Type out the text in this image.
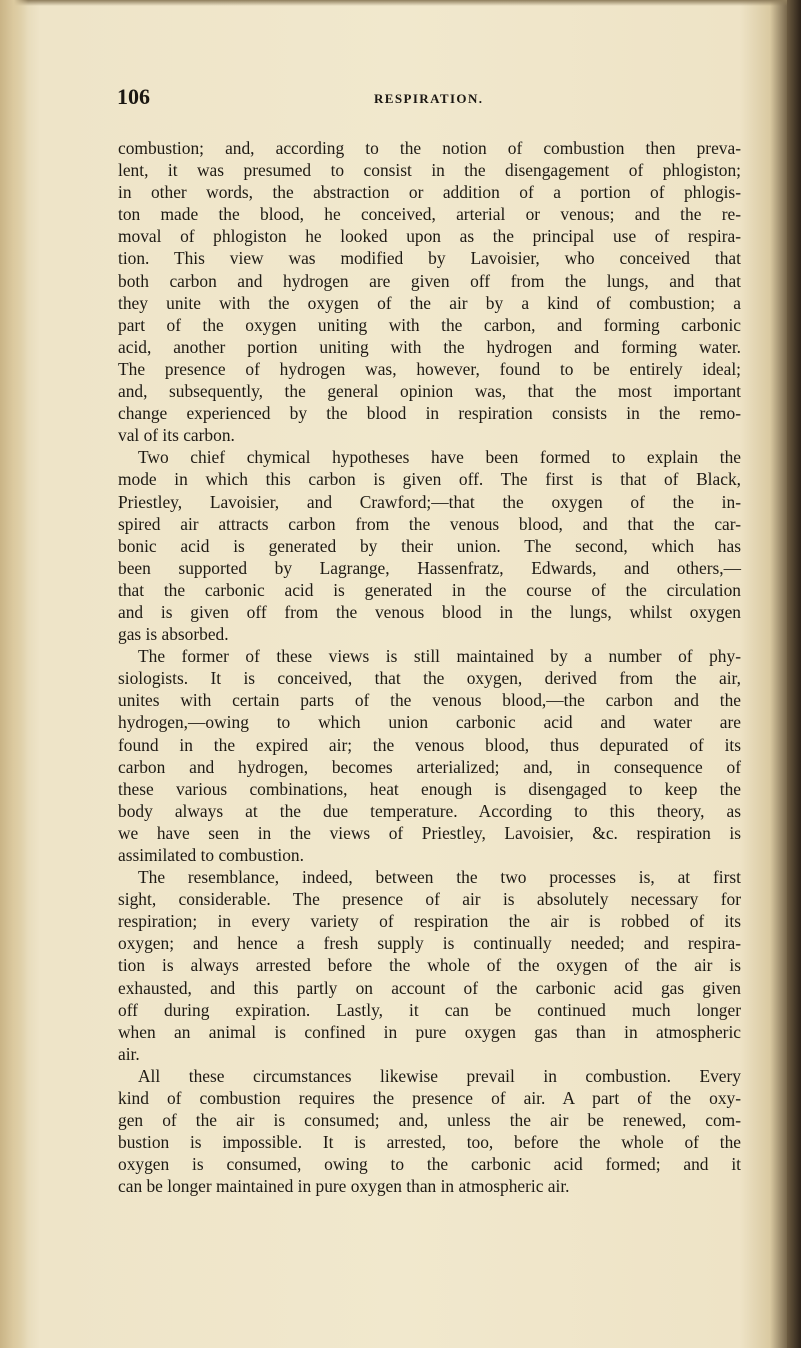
106	RESPIRATION.
combustion; and, according to the notion of combustion then preva-
lent, it was presumed to consist in the disengagement of phlogiston;
in other words, the abstraction or addition of a portion of phlogis-
ton made the blood, he conceived, arterial or venous; and the re-
moval of phlogiston he looked upon as the principal use of respira-
tion. This view was modified by Lavoisier, who conceived that
both carbon and hydrogen are given off from the lungs, and that
they unite with the oxygen of the air by a kind of combustion; a
part of the oxygen uniting with the carbon, and forming carbonic
acid, another portion uniting with the hydrogen and forming water.
The presence of hydrogen was, however, found to be entirely ideal;
and, subsequently, the general opinion was, that the most important
change experienced by the blood in respiration consists in the remo-
val of its carbon.
Two chief chymical hypotheses have been formed to explain the
mode in which this carbon is given off. The first is that of Black,
Priestley, Lavoisier, and Crawford;—that the oxygen of the in-
spired air attracts carbon from the venous blood, and that the car-
bonic acid is generated by their union. The second, which has
been supported by Lagrange, Hassenfratz, Edwards, and others,—
that the carbonic acid is generated in the course of the circulation
and is given off from the venous blood in the lungs, whilst oxygen
gas is absorbed.
The former of these views is still maintained by a number of phy-
siologists. It is conceived, that the oxygen, derived from the air,
unites with certain parts of the venous blood,—the carbon and the
hydrogen,—owing to which union carbonic acid and water are
found in the expired air; the venous blood, thus depurated of its
carbon and hydrogen, becomes arterialized; and, in consequence of
these various combinations, heat enough is disengaged to keep the
body always at the due temperature. According to this theory, as
we have seen in the views of Priestley, Lavoisier, &c. respiration is
assimilated to combustion.
The resemblance, indeed, between the two processes is, at first
sight, considerable. The presence of air is absolutely necessary for
respiration; in every variety of respiration the air is robbed of its
oxygen; and hence a fresh supply is continually needed; and respira-
tion is always arrested before the whole of the oxygen of the air is
exhausted, and this partly on account of the carbonic acid gas given
off during expiration. Lastly, it can be continued much longer
when an animal is confined in pure oxygen gas than in atmospheric
air.
All these circumstances likewise prevail in combustion. Every
kind of combustion requires the presence of air. A part of the oxy-
gen of the air is consumed; and, unless the air be renewed, com-
bustion is impossible. It is arrested, too, before the whole of the
oxygen is consumed, owing to the carbonic acid formed; and it
can be longer maintained in pure oxygen than in atmospheric air.
